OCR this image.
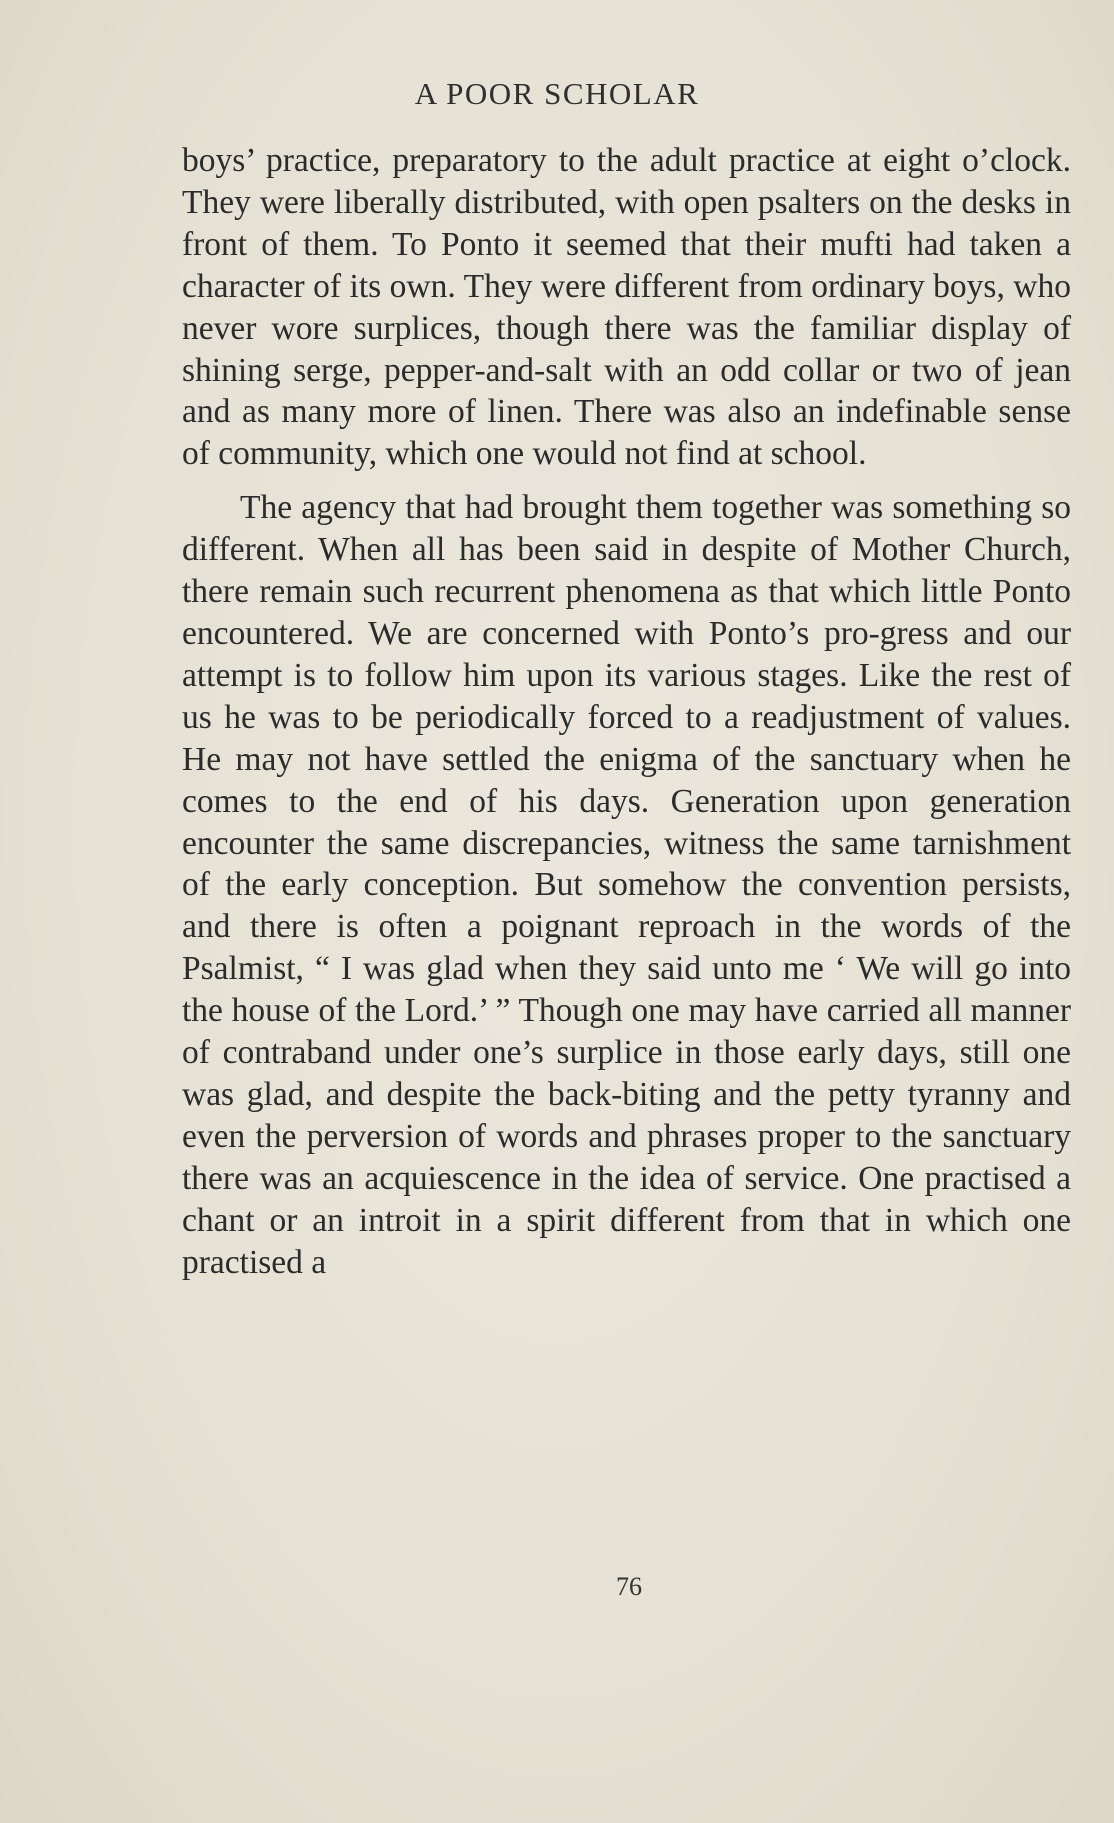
A POOR SCHOLAR

boys’ practice, preparatory to the adult practice at eight o’clock. They were liberally distributed, with open psalters on the desks in front of them. To Ponto it seemed that their mufti had taken a character of its own. They were different from ordinary boys, who never wore surplices, though there was the familiar display of shining serge, pepper-and-salt with an odd collar or two of jean and as many more of linen. There was also an indefinable sense of community, which one would not find at school.

The agency that had brought them together was something so different. When all has been said in despite of Mother Church, there remain such recurrent phenomena as that which little Ponto encountered. We are concerned with Ponto’s pro-gress and our attempt is to follow him upon its various stages. Like the rest of us he was to be periodically forced to a readjustment of values. He may not have settled the enigma of the sanctuary when he comes to the end of his days. Generation upon generation encounter the same discrepancies, witness the same tarnishment of the early conception. But somehow the convention persists, and there is often a poignant reproach in the words of the Psalmist, “ I was glad when they said unto me ‘ We will go into the house of the Lord.’ ” Though one may have carried all manner of contraband under one’s surplice in those early days, still one was glad, and despite the back-biting and the petty tyranny and even the perversion of words and phrases proper to the sanctuary there was an acquiescence in the idea of service. One practised a chant or an introit in a spirit different from that in which one practised a

76
